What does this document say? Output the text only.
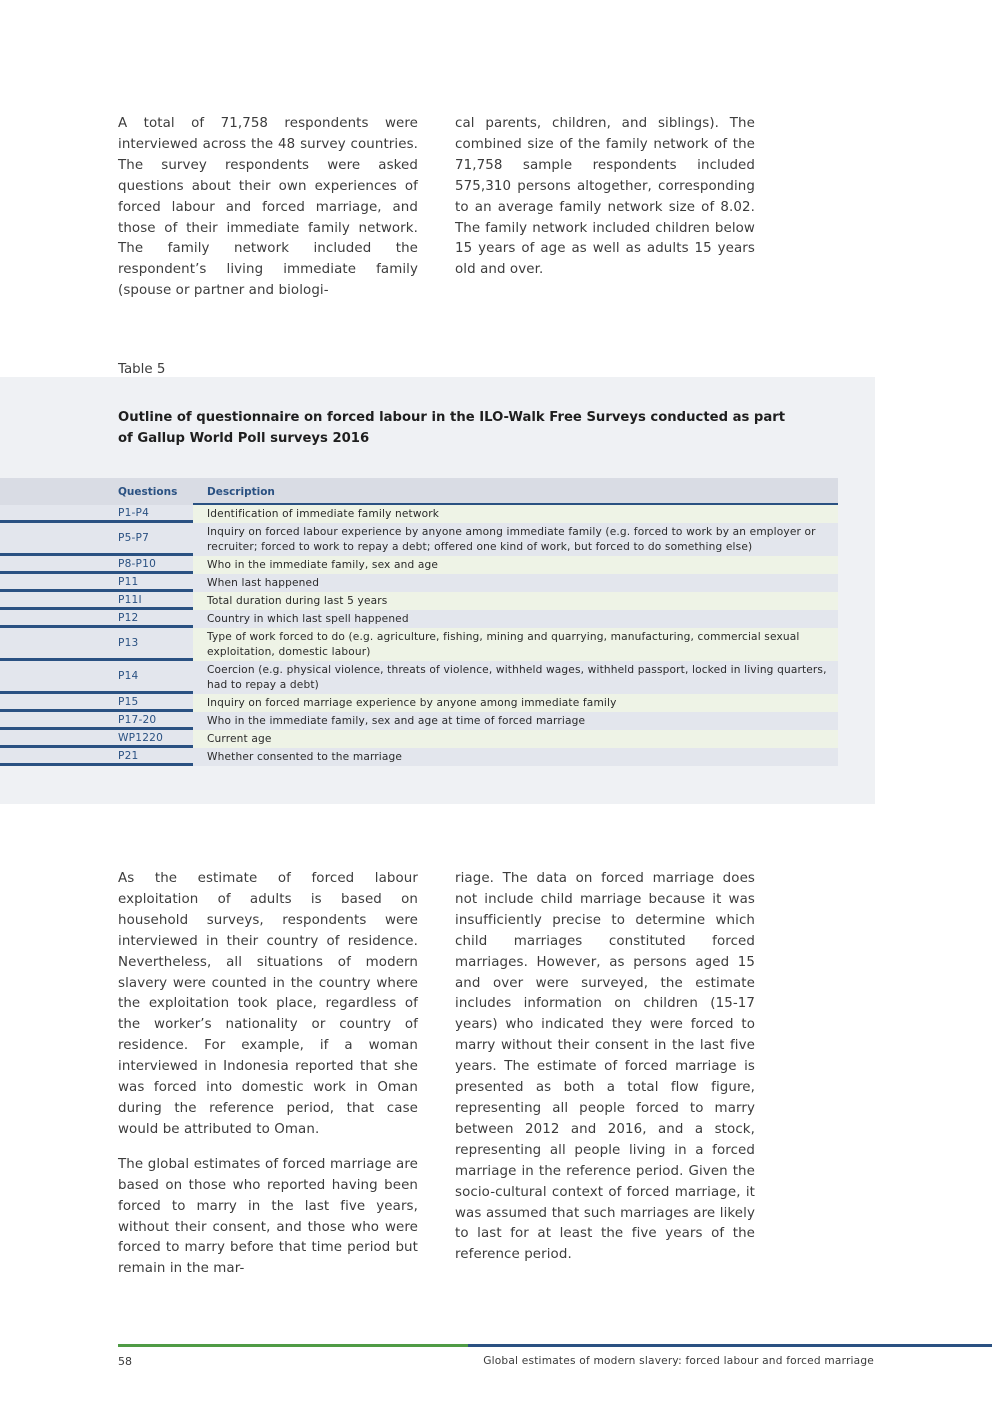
A total of 71,758 respondents were interviewed across the 48 survey countries. The survey respondents were asked questions about their own experiences of forced labour and forced marriage, and those of their immediate family network. The family network included the respondent’s living immediate family (spouse or partner and biologi-

cal parents, children, and siblings). The combined size of the family network of the 71,758 sample respondents included 575,310 persons altogether, corresponding to an average family network size of 8.02. The family network included children below 15 years of age as well as adults 15 years old and over.

Table 5
Outline of questionnaire on forced labour in the ILO-Walk Free Surveys conducted as part of Gallup World Poll surveys 2016
Questions	Description
P1-P4	Identification of immediate family network
P5-P7	Inquiry on forced labour experience by anyone among immediate family (e.g. forced to work by an employer or recruiter; forced to work to repay a debt; offered one kind of work, but forced to do something else)
P8-P10	Who in the immediate family, sex and age
P11	When last happened
P11I	Total duration during last 5 years
P12	Country in which last spell happened
P13	Type of work forced to do (e.g. agriculture, fishing, mining and quarrying, manufacturing, commercial sexual exploitation, domestic labour)
P14	Coercion (e.g. physical violence, threats of violence, withheld wages, withheld passport, locked in living quarters, had to repay a debt)
P15	Inquiry on forced marriage experience by anyone among immediate family
P17-20	Who in the immediate family, sex and age at time of forced marriage
WP1220	Current age
P21	Whether consented to the marriage

As the estimate of forced labour exploitation of adults is based on household surveys, respondents were interviewed in their country of residence. Nevertheless, all situations of modern slavery were counted in the country where the exploitation took place, regardless of the worker’s nationality or country of residence. For example, if a woman interviewed in Indonesia reported that she was forced into domestic work in Oman during the reference period, that case would be attributed to Oman.

The global estimates of forced marriage are based on those who reported having been forced to marry in the last five years, without their consent, and those who were forced to marry before that time period but remain in the mar-

riage. The data on forced marriage does not include child marriage because it was insufficiently precise to determine which child marriages constituted forced marriages. However, as persons aged 15 and over were surveyed, the estimate includes information on children (15-17 years) who indicated they were forced to marry without their consent in the last five years. The estimate of forced marriage is presented as both a total flow figure, representing all people forced to marry between 2012 and 2016, and a stock, representing all people living in a forced marriage in the reference period. Given the socio-cultural context of forced marriage, it was assumed that such marriages are likely to last for at least the five years of the reference period.

58	Global estimates of modern slavery: forced labour and forced marriage
